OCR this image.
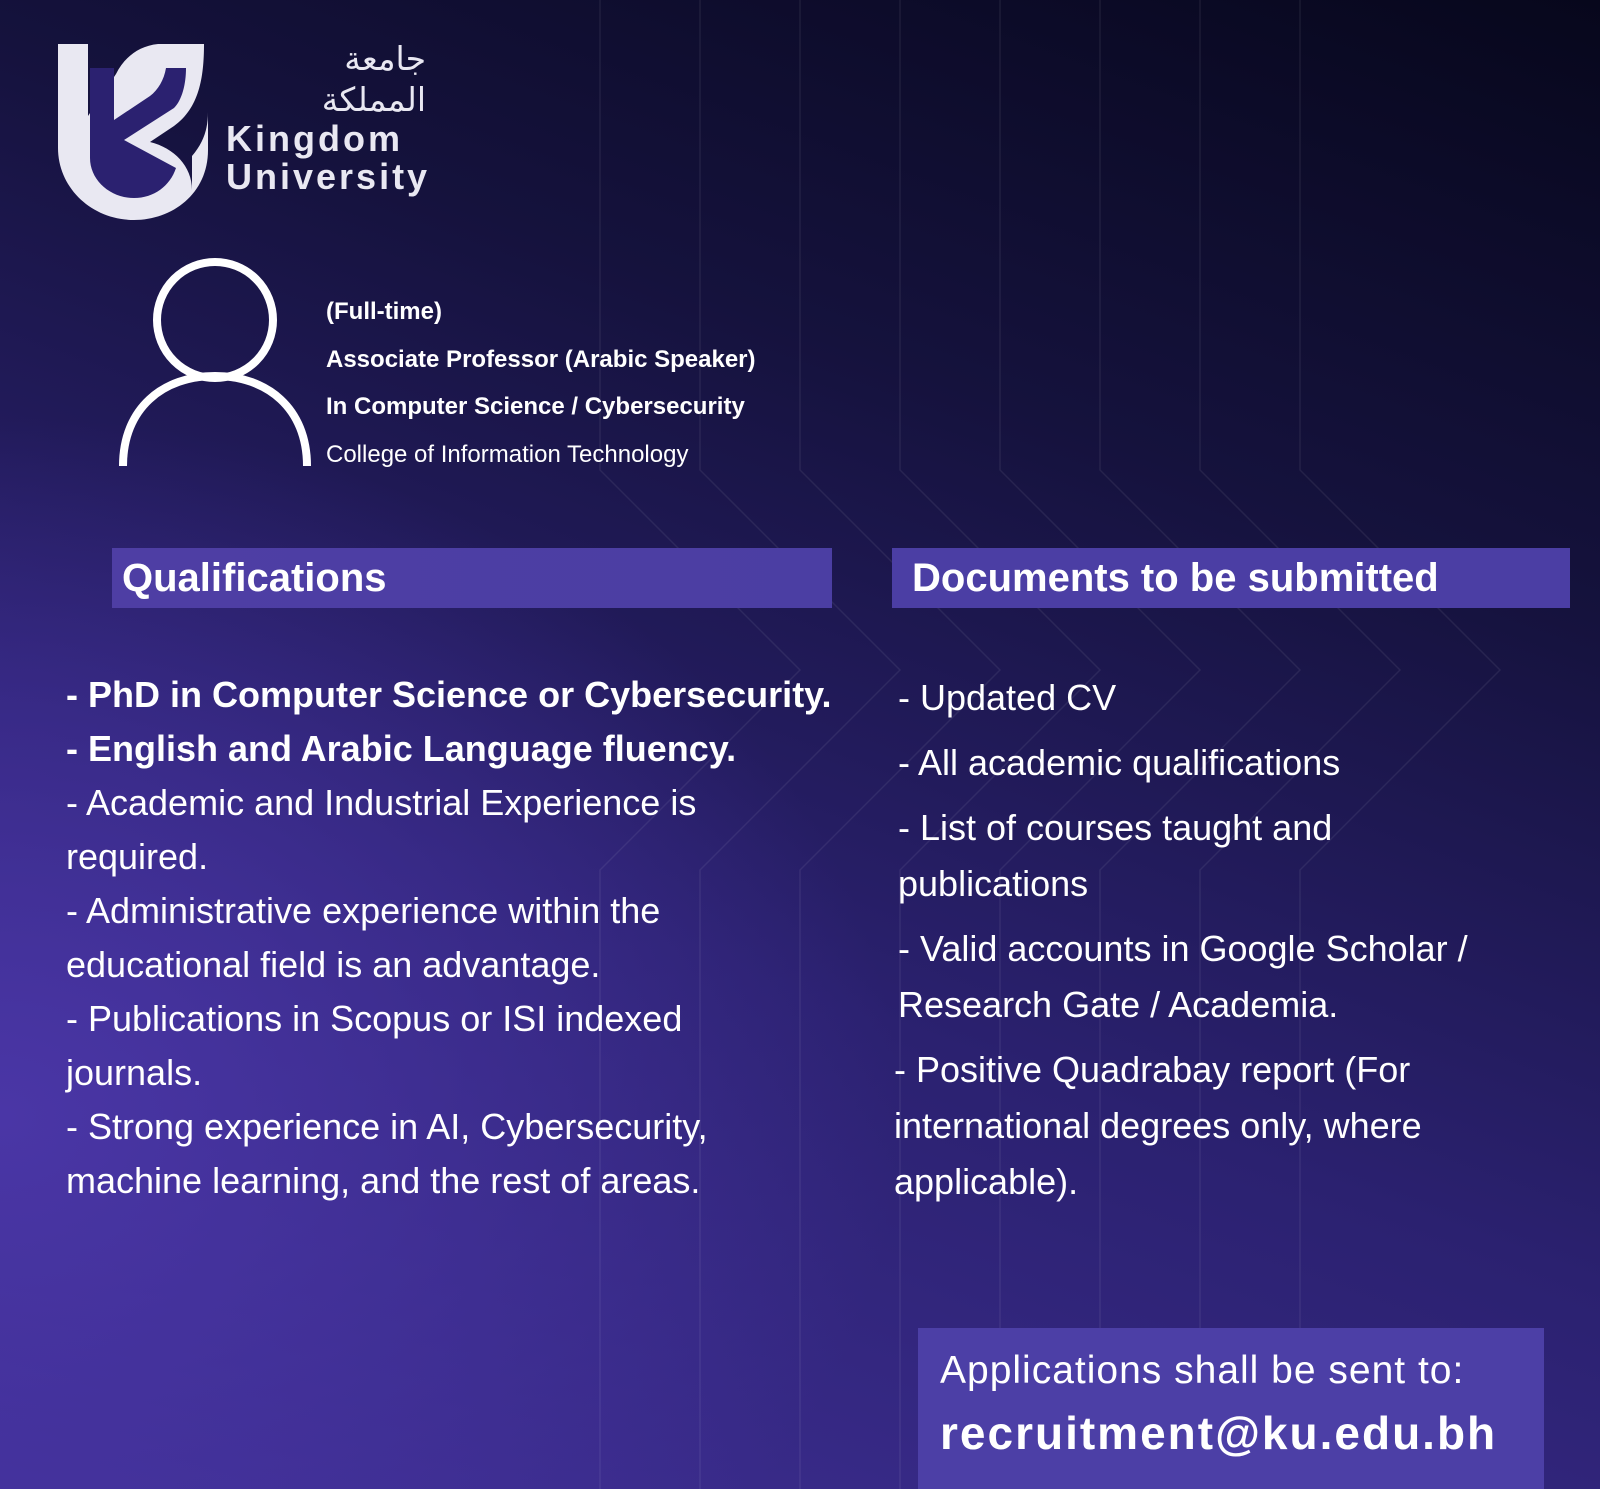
جامعة
المملكة
Kingdom
University
(Full-time)
Associate Professor (Arabic Speaker)
In Computer Science / Cybersecurity
College of Information Technology
Qualifications	Documents to be submitted
- PhD in Computer Science or Cybersecurity.
- English and Arabic Language fluency.
- Academic and Industrial Experience is
required.
- Administrative experience within the
educational field is an advantage.
- Publications in Scopus or ISI indexed
journals.
- Strong experience in AI, Cybersecurity,
machine learning, and the rest of areas.
- Updated CV
- All academic qualifications
- List of courses taught and publications
- Valid accounts in Google Scholar / Research Gate / Academia.
- Positive Quadrabay report (For international degrees only, where applicable).
Applications shall be sent to:
recruitment@ku.edu.bh
